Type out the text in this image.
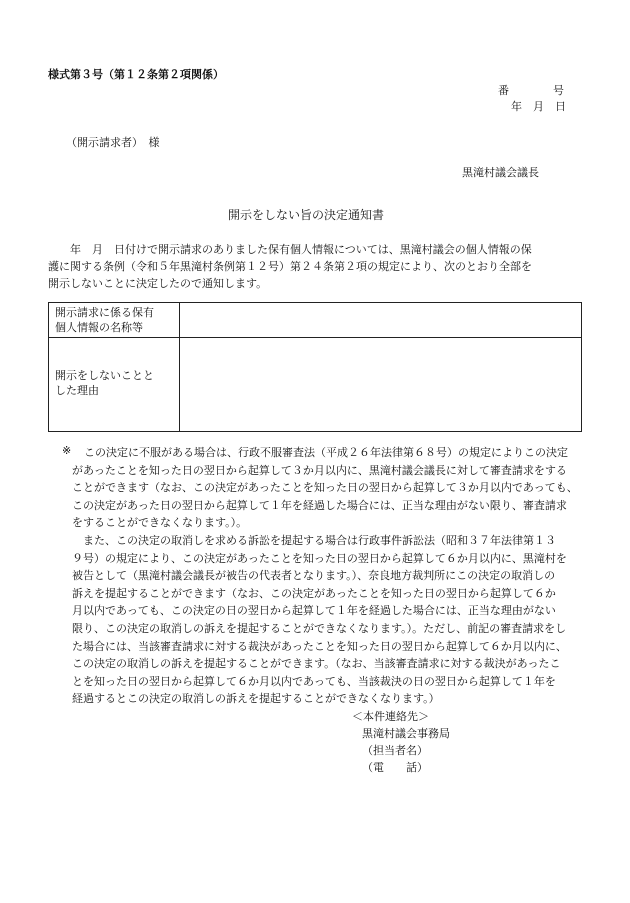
様式第３号（第１２条第２項関係）
番　　　　号
年　月　日
（開示請求者）　様
黒滝村議会議長
開示をしない旨の決定通知書
　　年　月　日付けで開示請求のありました保有個人情報については、黒滝村議会の個人情報の保
護に関する条例（令和５年黒滝村条例第１２号）第２４条第２項の規定により、次のとおり全部を
開示しないことに決定したので通知します。
開示請求に係る保有
個人情報の名称等	

開示をしないことと
した理由	

※	この決定に不服がある場合は、行政不服審査法（平成２６年法律第６８号）の規定によりこの決定
があったことを知った日の翌日から起算して３か月以内に、黒滝村議会議長に対して審査請求をする
ことができます（なお、この決定があったことを知った日の翌日から起算して３か月以内であっても、
この決定があった日の翌日から起算して１年を経過した場合には、正当な理由がない限り、審査請求
をすることができなくなります。）。
　また、この決定の取消しを求める訴訟を提起する場合は行政事件訴訟法（昭和３７年法律第１３
９号）の規定により、この決定があったことを知った日の翌日から起算して６か月以内に、黒滝村を
被告として（黒滝村議会議長が被告の代表者となります。）、奈良地方裁判所にこの決定の取消しの
訴えを提起することができます（なお、この決定があったことを知った日の翌日から起算して６か
月以内であっても、この決定の日の翌日から起算して１年を経過した場合には、正当な理由がない
限り、この決定の取消しの訴えを提起することができなくなります。）。ただし、前記の審査請求をし
た場合には、当該審査請求に対する裁決があったことを知った日の翌日から起算して６か月以内に、
この決定の取消しの訴えを提起することができます。（なお、当該審査請求に対する裁決があったこ
とを知った日の翌日から起算して６か月以内であっても、当該裁決の日の翌日から起算して１年を
経過するとこの決定の取消しの訴えを提起することができなくなります。）
＜本件連絡先＞
黒滝村議会事務局
（担当者名）
（電　　話）
